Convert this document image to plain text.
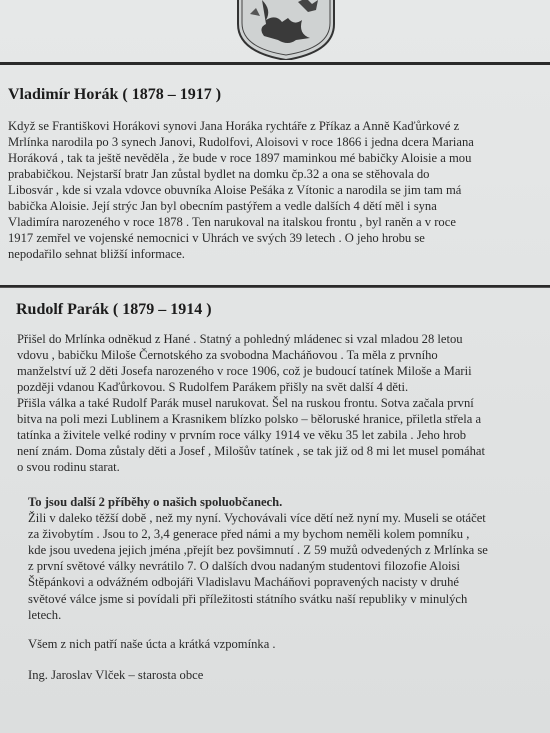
Vladimír Horák ( 1878 – 1917 )
Když se Františkovi Horákovi synovi Jana Horáka rychtáře z Příkaz a Anně Kaďůrkové z
Mrlínka narodila po 3 synech Janovi, Rudolfovi, Aloisovi v roce 1866 i jedna dcera Mariana
Horáková , tak ta ještě nevěděla , že bude v roce 1897 maminkou mé babičky Aloisie a mou
prababičkou. Nejstarší bratr Jan zůstal bydlet na domku čp.32 a ona se stěhovala do
Libosvár , kde si vzala vdovce obuvníka Aloise Pešáka z Vítonic a narodila se jim tam má
babička Aloisie. Její strýc Jan byl obecním pastýřem a vedle dalších 4 dětí měl i syna
Vladimíra narozeného v roce 1878 . Ten narukoval na italskou frontu , byl raněn a v roce
1917 zemřel ve vojenské nemocnici v Uhrách ve svých 39 letech . O jeho hrobu se
nepodařilo sehnat bližší informace.
Rudolf Parák ( 1879 – 1914 )
Přišel do Mrlínka odněkud z Hané . Statný a pohledný mládenec si vzal mladou 28 letou
vdovu , babičku Miloše Černotského za svobodna Macháňovou . Ta měla z prvního
manželství už 2 děti Josefa narozeného v roce 1906, což je budoucí tatínek Miloše a Marii
později vdanou Kaďůrkovou. S Rudolfem Parákem přišly na svět další 4 děti.
Přišla válka a také Rudolf Parák musel narukovat. Šel na ruskou frontu. Sotva začala první
bitva na poli mezi Lublinem a Krasnikem blízko polsko – běloruské hranice, přiletla střela a
tatínka a živitele velké rodiny v prvním roce války 1914 ve věku 35 let zabila . Jeho hrob
není znám. Doma zůstaly děti a Josef , Milošův tatínek , se tak již od 8 mi let musel pomáhat
o svou rodinu starat.
To jsou další 2 příběhy o našich spoluobčanech.
Žili v daleko těžší době , než my nyní. Vychovávali více dětí než nyní my. Museli se otáčet
za živobytím . Jsou to 2, 3,4 generace před námi a my bychom neměli kolem pomníku ,
kde jsou uvedena jejich jména ,přejít bez povšimnutí . Z 59 mužů odvedených z Mrlínka se
z první světové války nevrátilo 7. O dalších dvou nadaným studentovi filozofie Aloisi
Štěpánkovi a odvážném odbojáři Vladislavu Macháňovi popravených nacisty v druhé
světové válce jsme si povídali při příležitosti státního svátku naší republiky v minulých
letech.
Všem z nich patří naše úcta a krátká vzpomínka .
Ing. Jaroslav Vlček – starosta obce
